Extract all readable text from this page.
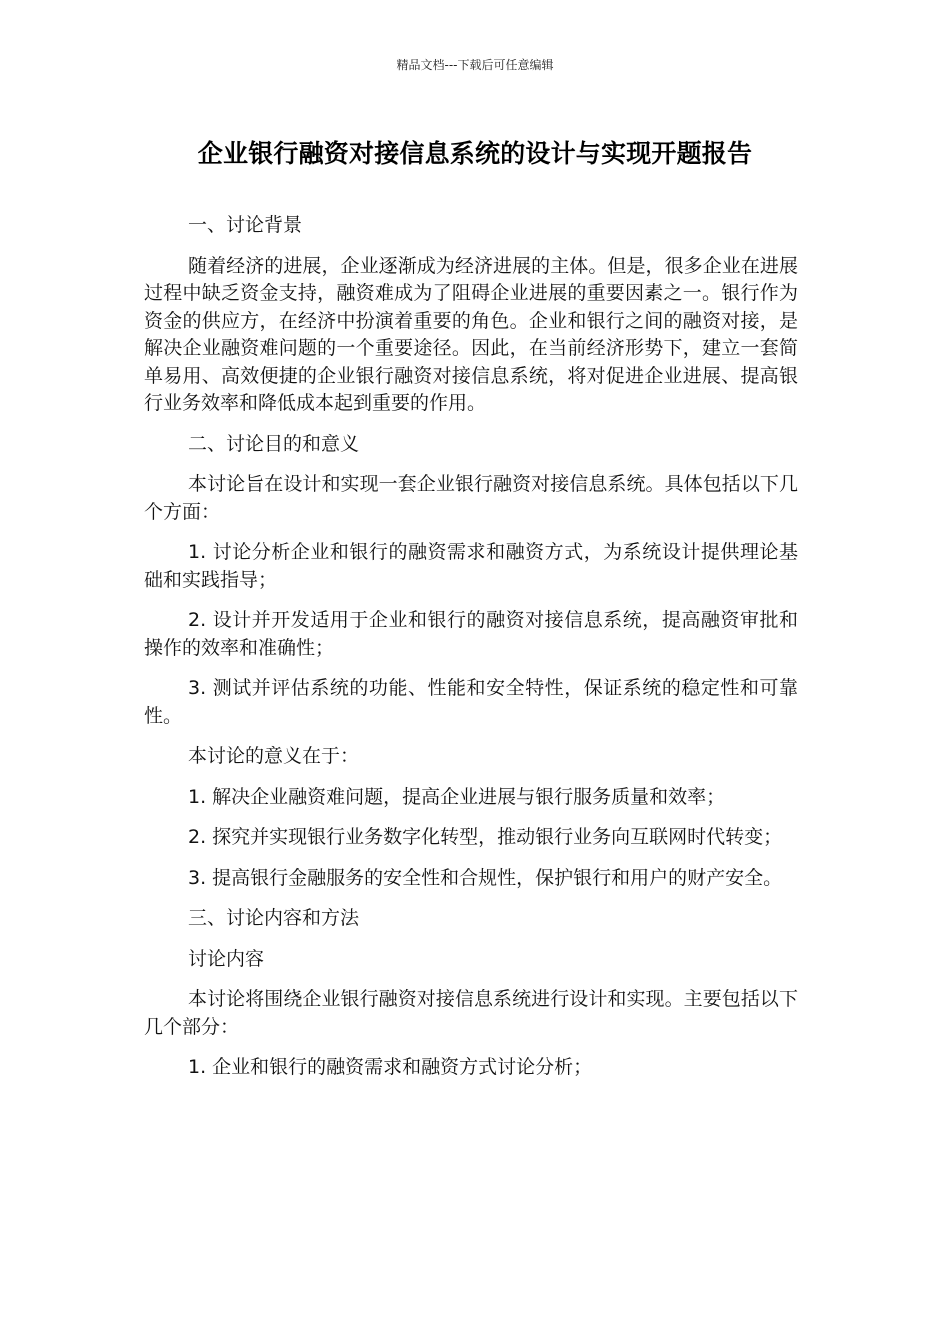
精品文档---下载后可任意编辑
企业银行融资对接信息系统的设计与实现开题报告

一、讨论背景

随着经济的进展，企业逐渐成为经济进展的主体。但是，很多企业在进展过程中缺乏资金支持，融资难成为了阻碍企业进展的重要因素之一。银行作为资金的供应方，在经济中扮演着重要的角色。企业和银行之间的融资对接，是解决企业融资难问题的一个重要途径。因此，在当前经济形势下，建立一套简单易用、高效便捷的企业银行融资对接信息系统，将对促进企业进展、提高银行业务效率和降低成本起到重要的作用。

二、讨论目的和意义

本讨论旨在设计和实现一套企业银行融资对接信息系统。具体包括以下几个方面：

1. 讨论分析企业和银行的融资需求和融资方式，为系统设计提供理论基础和实践指导；

2. 设计并开发适用于企业和银行的融资对接信息系统，提高融资审批和操作的效率和准确性；

3. 测试并评估系统的功能、性能和安全特性，保证系统的稳定性和可靠性。

本讨论的意义在于：

1. 解决企业融资难问题，提高企业进展与银行服务质量和效率；

2. 探究并实现银行业务数字化转型，推动银行业务向互联网时代转变；

3. 提高银行金融服务的安全性和合规性，保护银行和用户的财产安全。

三、讨论内容和方法

讨论内容

本讨论将围绕企业银行融资对接信息系统进行设计和实现。主要包括以下几个部分：

1. 企业和银行的融资需求和融资方式讨论分析；
